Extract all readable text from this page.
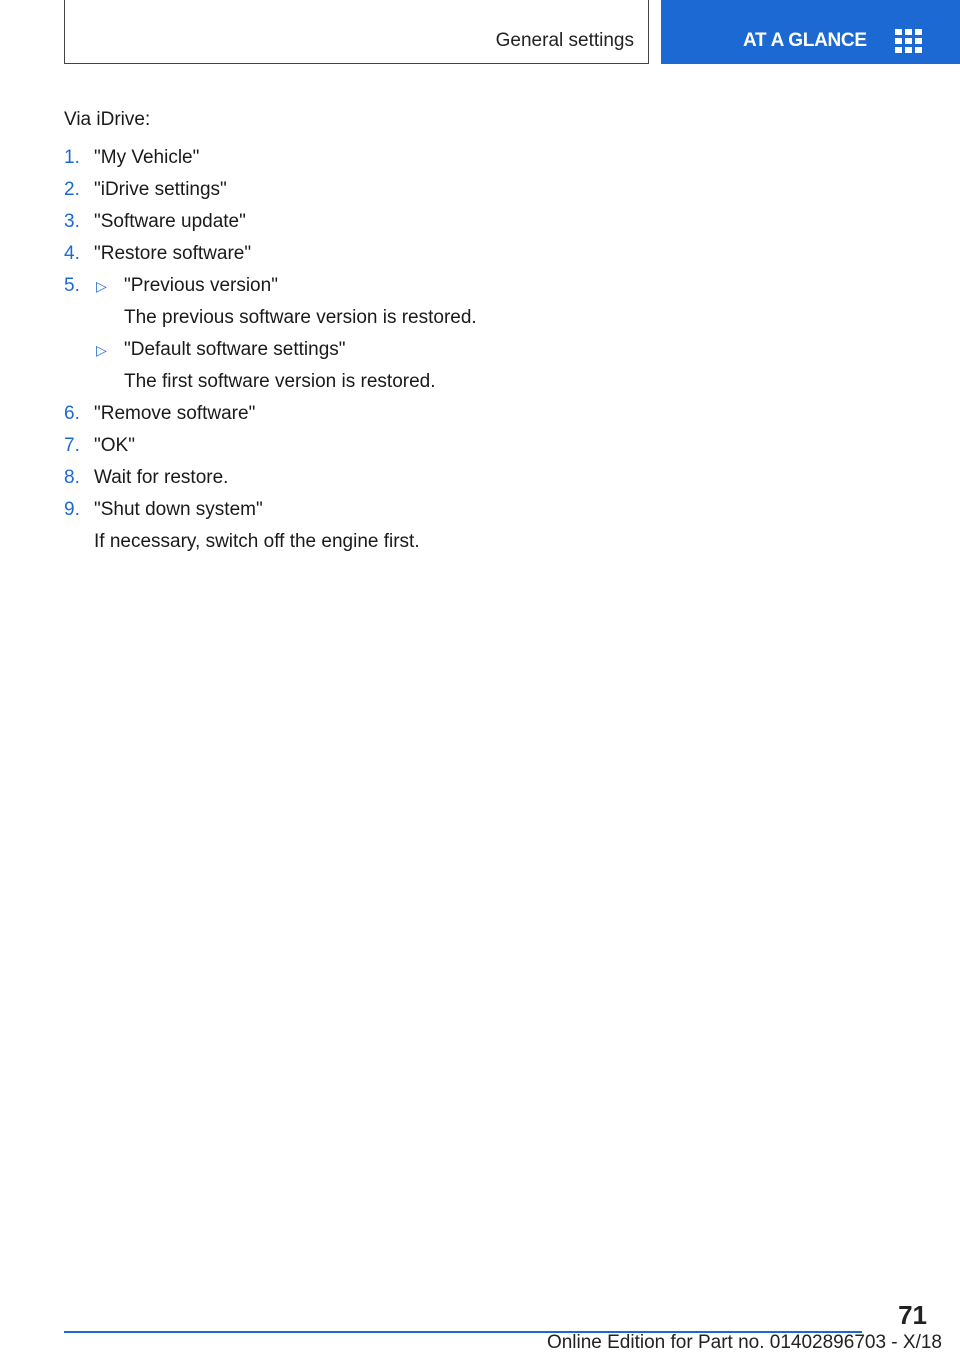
General settings	AT A GLANCE
Via iDrive:
1. "My Vehicle"
2. "iDrive settings"
3. "Software update"
4. "Restore software"
5. ▷ "Previous version"
The previous software version is restored.
▷ "Default software settings"
The first software version is restored.
6. "Remove software"
7. "OK"
8. Wait for restore.
9. "Shut down system"
If necessary, switch off the engine first.
71
Online Edition for Part no. 01402896703 - X/18
